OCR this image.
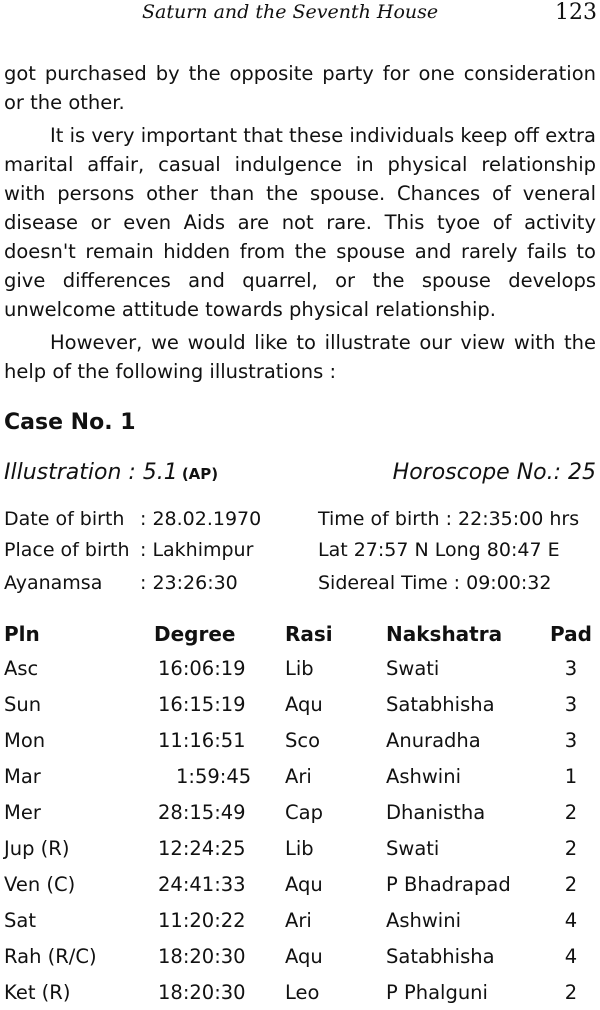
Saturn and the Seventh House	123

got purchased by the opposite party for one consideration or the other.

It is very important that these individuals keep off extra marital affair, casual indulgence in physical relationship with persons other than the spouse. Chances of veneral disease or even Aids are not rare. This tyoe of activity doesn't remain hidden from the spouse and rarely fails to give differences and quarrel, or the spouse develops unwelcome attitude towards physical relationship.

However, we would like to illustrate our view with the help of the following illustrations :

Case No. 1
Illustration : 5.1 (AP)	Horoscope No.: 25
Date of birth : 28.02.1970	Time of birth : 22:35:00 hrs
Place of birth : Lakhimpur	Lat 27:57 N Long 80:47 E
Ayanamsa : 23:26:30	Sidereal Time : 09:00:32
Pln	Degree	Rasi	Nakshatra	Pad
Asc	16:06:19	Lib	Swati	3
Sun	16:15:19	Aqu	Satabhisha	3
Mon	11:16:51	Sco	Anuradha	3
Mar	1:59:45	Ari	Ashwini	1
Mer	28:15:49	Cap	Dhanistha	2
Jup (R)	12:24:25	Lib	Swati	2
Ven (C)	24:41:33	Aqu	P Bhadrapad	2
Sat	11:20:22	Ari	Ashwini	4
Rah (R/C)	18:20:30	Aqu	Satabhisha	4
Ket (R)	18:20:30	Leo	P Phalguni	2
